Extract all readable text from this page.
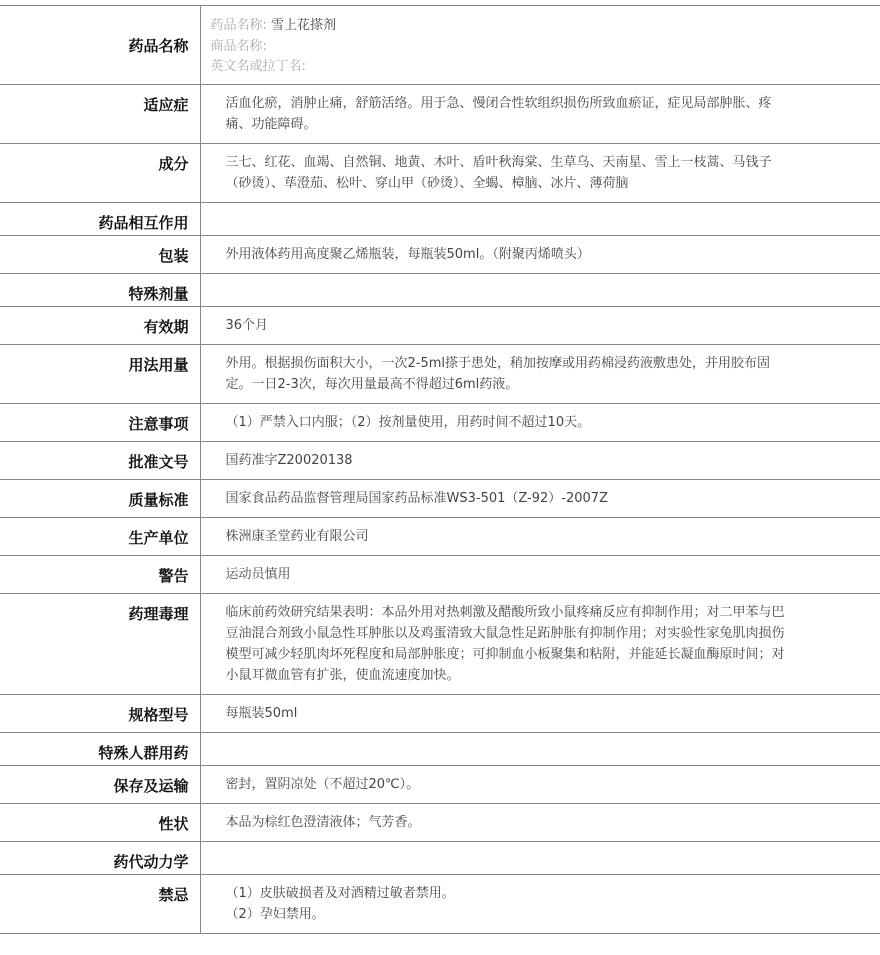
药品名称	药品名称: 雪上花搽剂
商品名称:
英文名或拉丁名:

适应症	活血化瘀，消肿止痛，舒筋活络。用于急、慢闭合性软组织损伤所致血瘀证，症见局部肿胀、疼痛、功能障碍。
成分	三七、红花、血竭、自然铜、地黄、木叶、盾叶秋海棠、生草乌、天南星、雪上一枝蒿、马钱子（砂烫）、荜澄茄、松叶、穿山甲（砂烫）、全蝎、樟脑、冰片、薄荷脑
药品相互作用	
包装	外用液体药用高度聚乙烯瓶装，每瓶装50ml。（附聚丙烯喷头）
特殊剂量	
有效期	36个月
用法用量	外用。根据损伤面积大小，一次2-5ml搽于患处，稍加按摩或用药棉浸药液敷患处，并用胶布固定。一日2-3次，每次用量最高不得超过6ml药液。
注意事项	（1）严禁入口内服；（2）按剂量使用，用药时间不超过10天。
批准文号	国药准字Z20020138
质量标准	国家食品药品监督管理局国家药品标准WS3-501（Z-92）-2007Z
生产单位	株洲康圣堂药业有限公司
警告	运动员慎用
药理毒理	临床前药效研究结果表明：本品外用对热刺激及醋酸所致小鼠疼痛反应有抑制作用；对二甲苯与巴豆油混合剂致小鼠急性耳肿胀以及鸡蛋清致大鼠急性足跖肿胀有抑制作用；对实验性家兔肌肉损伤模型可减少轻肌肉坏死程度和局部肿胀度；可抑制血小板聚集和粘附，并能延长凝血酶原时间；对小鼠耳微血管有扩张，使血流速度加快。
规格型号	每瓶装50ml
特殊人群用药	
保存及运输	密封，置阴凉处（不超过20℃）。
性状	本品为棕红色澄清液体；气芳香。
药代动力学	
禁忌	（1）皮肤破损者及对酒精过敏者禁用。
（2）孕妇禁用。
